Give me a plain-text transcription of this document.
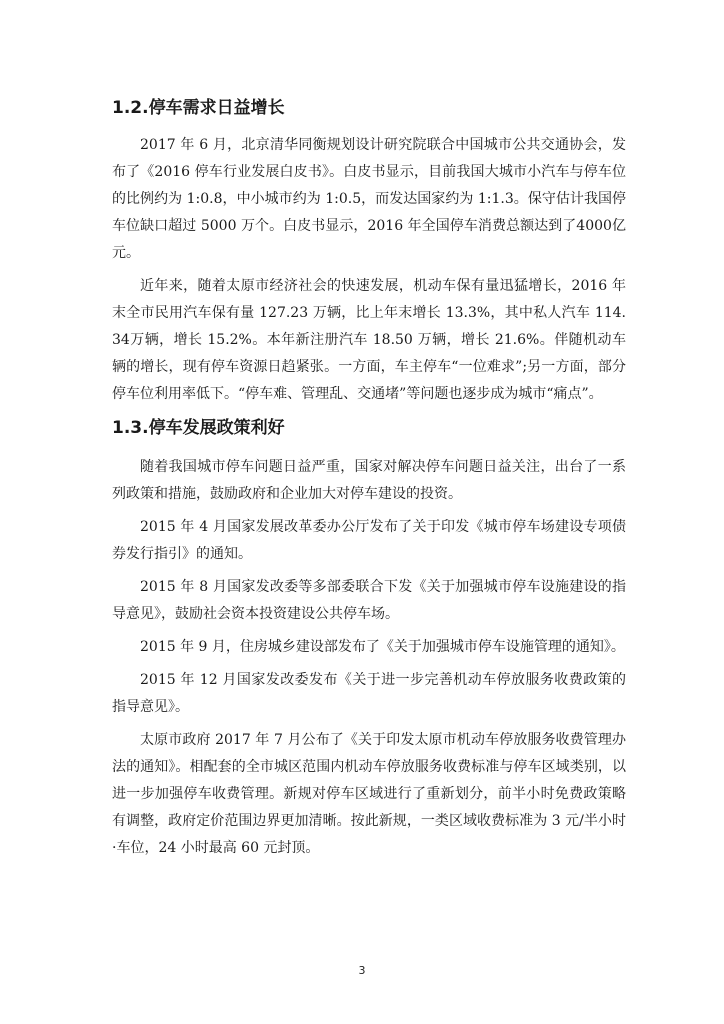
1.2.停车需求日益增长

2017 年 6 月，北京清华同衡规划设计研究院联合中国城市公共交通协会，发布了《2016 停车行业发展白皮书》。白皮书显示，目前我国大城市小汽车与停车位的比例约为 1:0.8，中小城市约为 1:0.5，而发达国家约为 1:1.3。保守估计我国停车位缺口超过 5000 万个。白皮书显示，2016 年全国停车消费总额达到了4000亿元。

近年来，随着太原市经济社会的快速发展，机动车保有量迅猛增长，2016 年末全市民用汽车保有量 127.23 万辆，比上年末增长 13.3%，其中私人汽车 114.34万辆，增长 15.2%。本年新注册汽车 18.50 万辆，增长 21.6%。伴随机动车辆的增长，现有停车资源日趋紧张。一方面，车主停车“一位难求”;另一方面，部分停车位利用率低下。“停车难、管理乱、交通堵”等问题也逐步成为城市“痛点”。

1.3.停车发展政策利好

随着我国城市停车问题日益严重，国家对解决停车问题日益关注，出台了一系列政策和措施，鼓励政府和企业加大对停车建设的投资。

2015 年 4 月国家发展改革委办公厅发布了关于印发《城市停车场建设专项债券发行指引》的通知。

2015 年 8 月国家发改委等多部委联合下发《关于加强城市停车设施建设的指导意见》，鼓励社会资本投资建设公共停车场。

2015 年 9 月，住房城乡建设部发布了《关于加强城市停车设施管理的通知》。

2015 年 12 月国家发改委发布《关于进一步完善机动车停放服务收费政策的指导意见》。

太原市政府 2017 年 7 月公布了《关于印发太原市机动车停放服务收费管理办法的通知》。相配套的全市城区范围内机动车停放服务收费标准与停车区域类别，以进一步加强停车收费管理。新规对停车区域进行了重新划分，前半小时免费政策略有调整，政府定价范围边界更加清晰。按此新规，一类区域收费标准为 3 元/半小时·车位，24 小时最高 60 元封顶。

3
